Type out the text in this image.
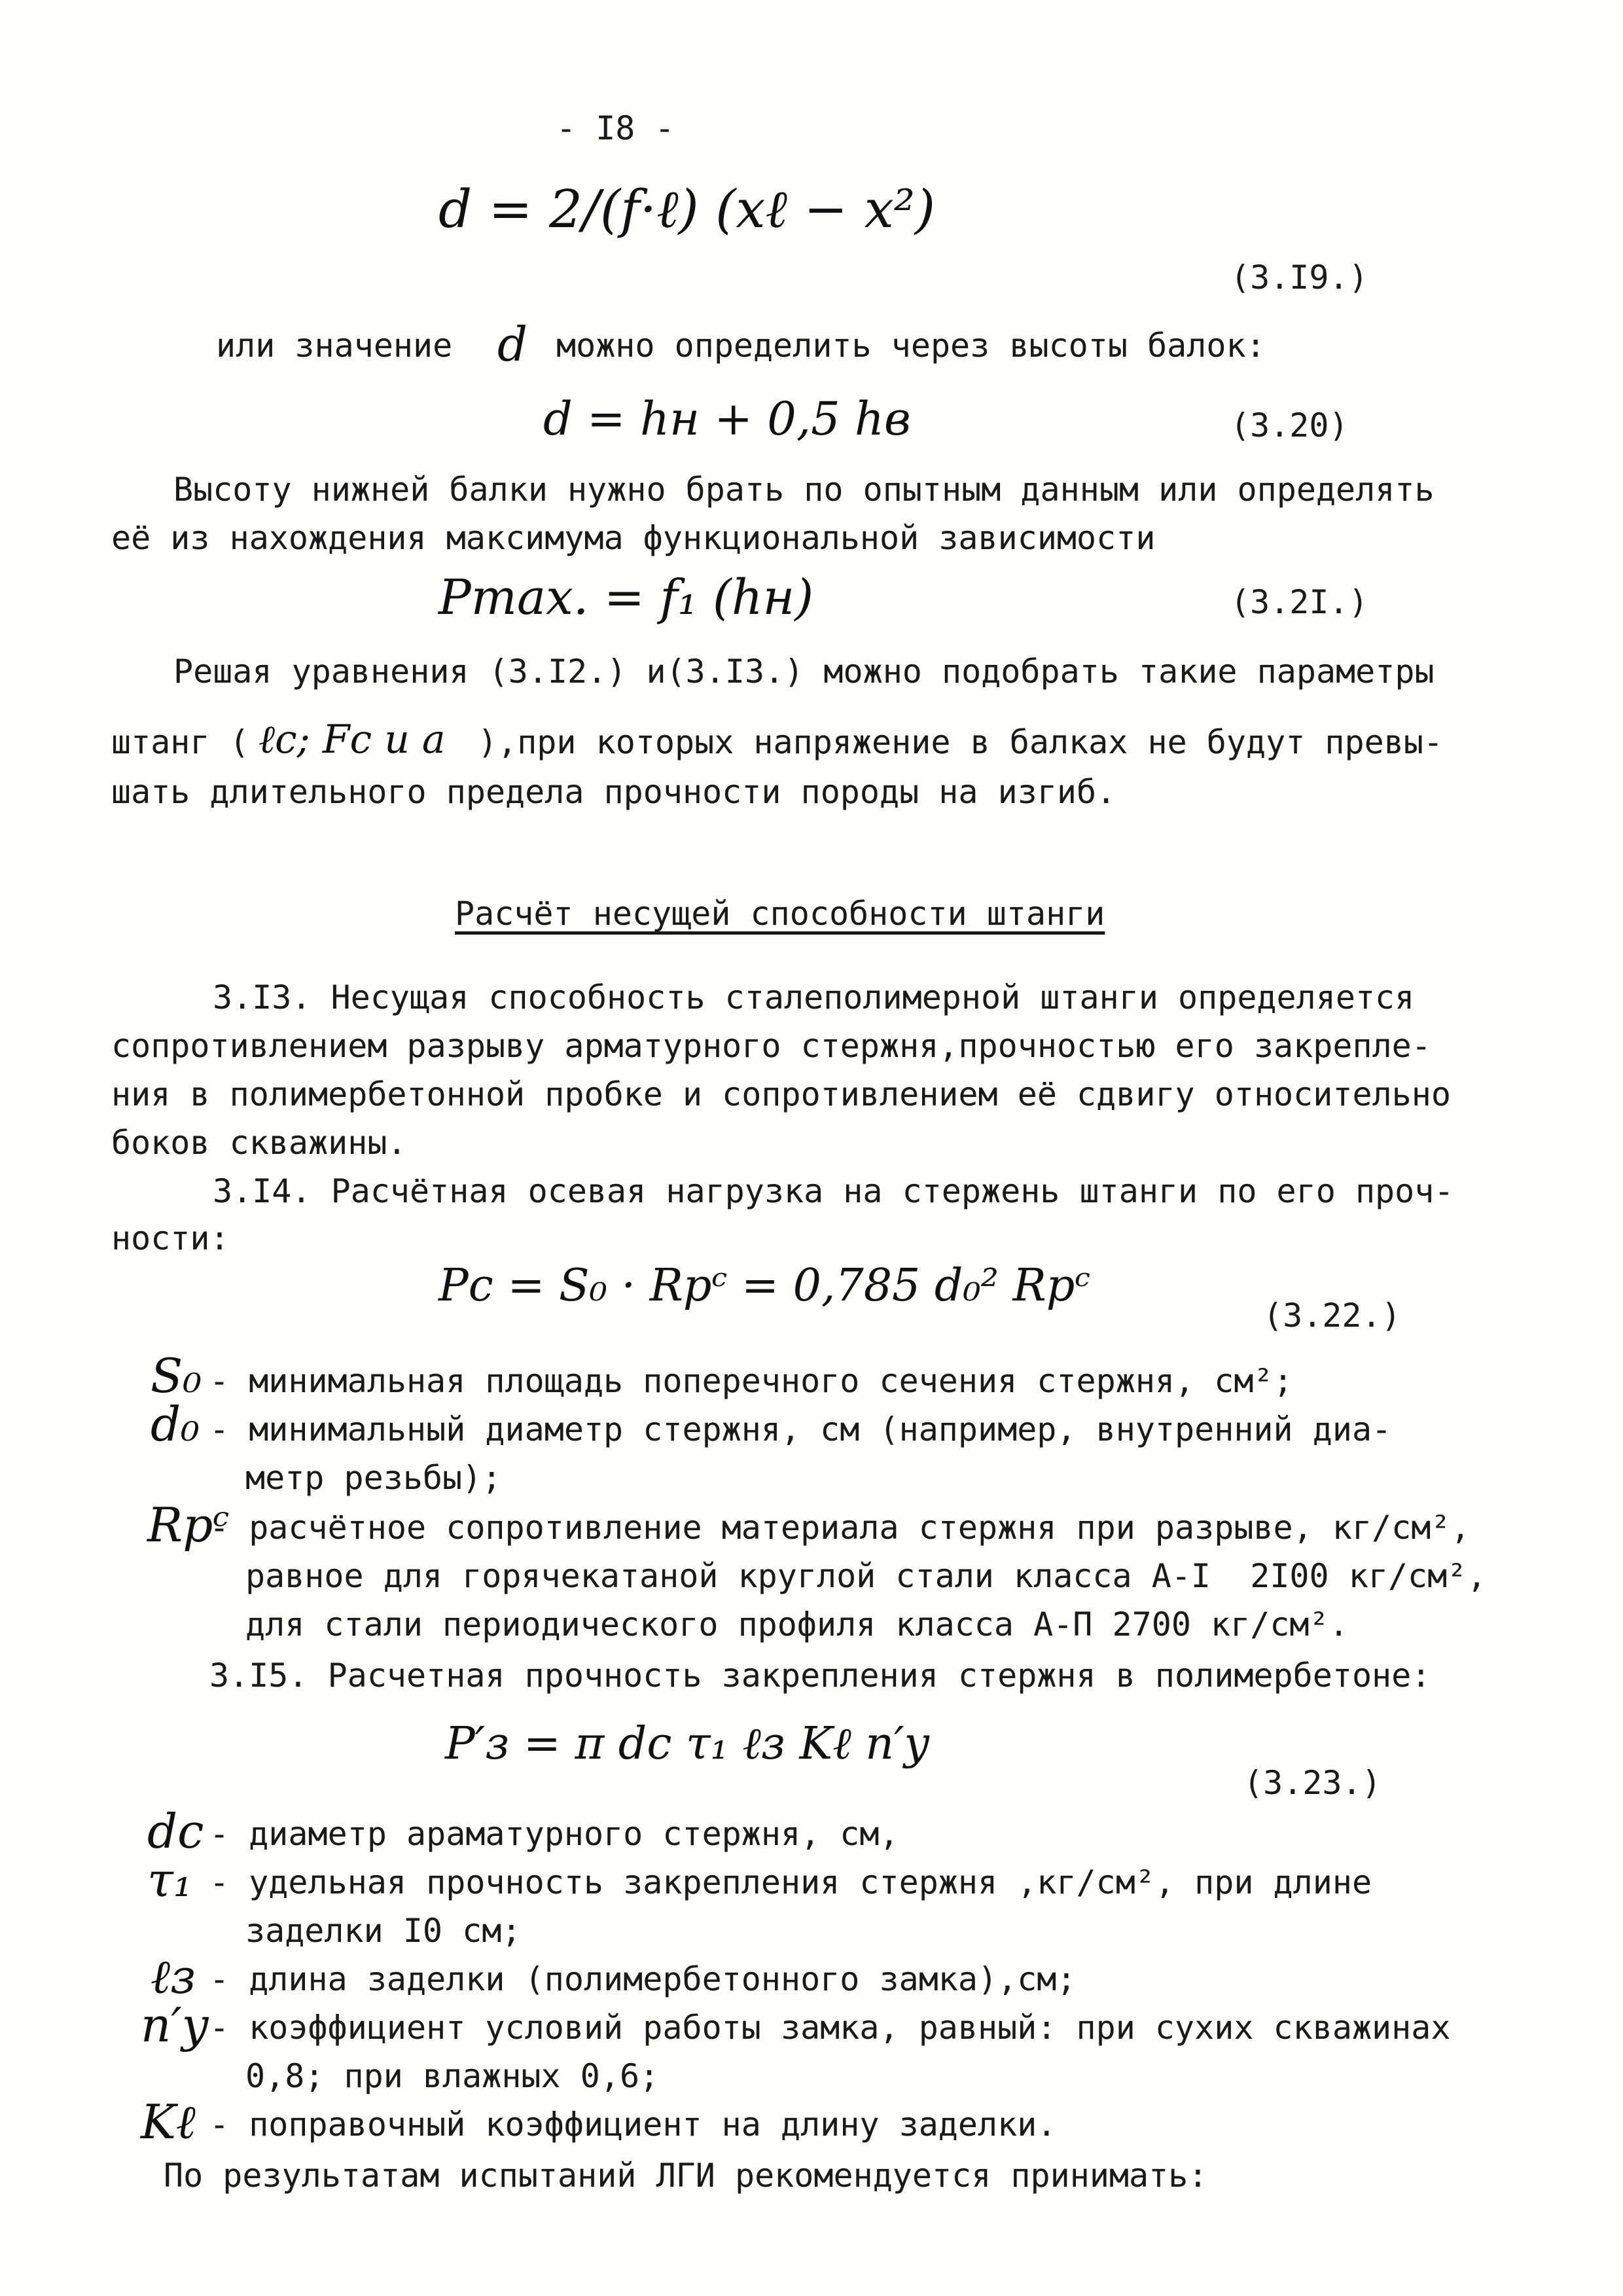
- I8 -
d = 2/(f·ℓ) (xℓ − x²)
(3.I9.)
или значение d можно определить через высоты балок:
d = hн + 0,5 hв	(3.20)
Высоту нижней балки нужно брать по опытным данным или определять
её из нахождения максимума функциональной зависимости
Pmax. = f₁ (hн)	(3.2I.)
Решая уравнения (3.I2.) и(3.I3.) можно подобрать такие параметры
штанг ( ℓc; Fc и a ),при которых напряжение в балках не будут превы-
шать длительного предела прочности породы на изгиб.
Расчёт несущей способности штанги
3.I3. Несущая способность сталеполимерной штанги определяется
сопротивлением разрыву арматурного стержня,прочностью его закрепле-
ния в полимербетонной пробке и сопротивлением её сдвигу относительно
боков скважины.
3.I4. Расчётная осевая нагрузка на стержень штанги по его проч-
ности:
Pc = S₀ · Rpᶜ = 0,785 d₀² Rpᶜ
(3.22.)
S₀ - минимальная площадь поперечного сечения стержня, см²;
d₀ - минимальный диаметр стержня, см (например, внутренний диа-
метр резьбы);
Rpᶜ
- расчётное сопротивление материала стержня при разрыве, кг/см²,
равное для горячекатаной круглой стали класса А-I  2I00 кг/см²,
для стали периодического профиля класса А-П 2700 кг/см².
3.I5. Расчетная прочность закрепления стержня в полимербетоне:
P′з = π dc τ₁ ℓз Kℓ n′y
(3.23.)
dc - диаметр арамaтурного стержня, см,
τ₁ - удельная прочность закрепления стержня ,кг/см², при длине
заделки I0 см;
ℓз - длина заделки (полимербетонного замка),см;
n′y - коэффициент условий работы замка, равный: при сухих скважинах
0,8; при влажных 0,6;
Kℓ - поправочный коэффициент на длину заделки.
По результатам испытаний ЛГИ рекомендуется принимать:
